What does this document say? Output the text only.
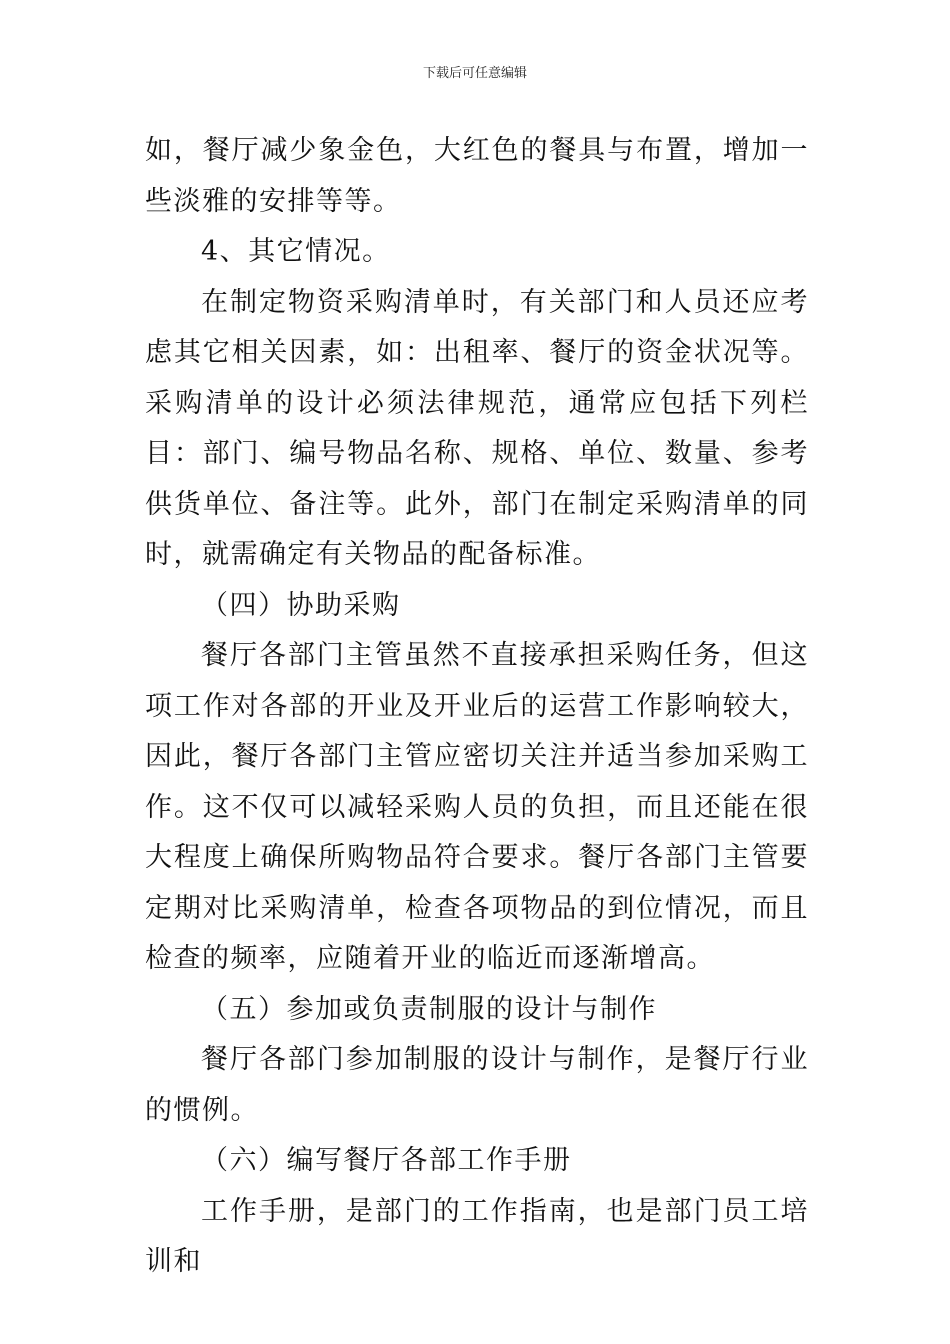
下载后可任意编辑

如，餐厅减少象金色，大红色的餐具与布置，增加一些淡雅的安排等等。

4、其它情况。

在制定物资采购清单时，有关部门和人员还应考虑其它相关因素，如：出租率、餐厅的资金状况等。采购清单的设计必须法律规范，通常应包括下列栏目：部门、编号物品名称、规格、单位、数量、参考供货单位、备注等。此外，部门在制定采购清单的同时，就需确定有关物品的配备标准。

（四）协助采购

餐厅各部门主管虽然不直接承担采购任务，但这项工作对各部的开业及开业后的运营工作影响较大，因此，餐厅各部门主管应密切关注并适当参加采购工作。这不仅可以减轻采购人员的负担，而且还能在很大程度上确保所购物品符合要求。餐厅各部门主管要定期对比采购清单，检查各项物品的到位情况，而且检查的频率，应随着开业的临近而逐渐增高。

（五）参加或负责制服的设计与制作

餐厅各部门参加制服的设计与制作，是餐厅行业的惯例。

（六）编写餐厅各部工作手册

工作手册，是部门的工作指南，也是部门员工培训和
